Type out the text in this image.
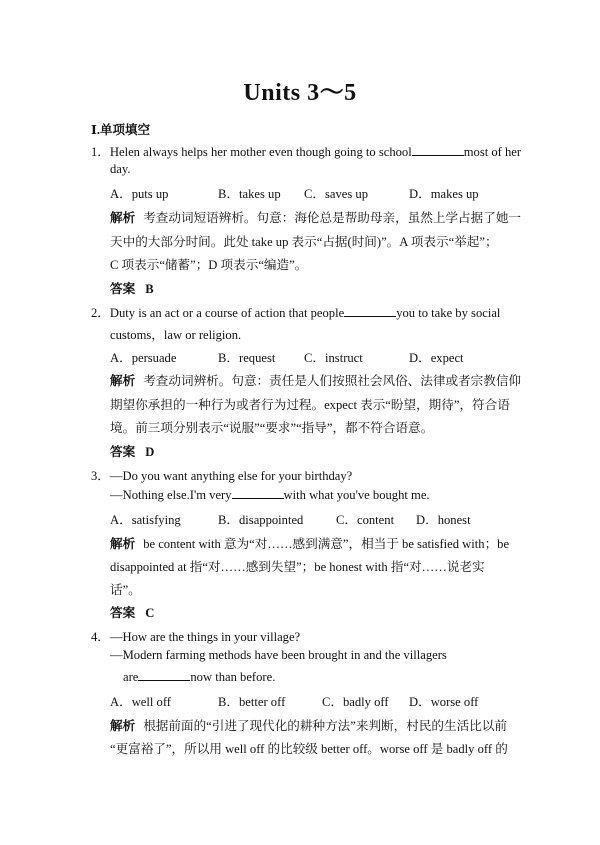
Units 3～5
Ⅰ.单项填空
1．Helen always helps her mother even though going to school	most of her
day.
A．puts up	B．takes up C．saves up	D．makes up
解析 考查动词短语辨析。句意：海伦总是帮助母亲，虽然上学占据了她一
天中的大部分时间。此处 take up 表示“占据(时间)”。A 项表示“举起”；
C 项表示“储蓄”；D 项表示“编造”。
答案 B
2．Duty is an act or a course of action that people	you to take by social
customs，law or religion.
A．persuade	B．request C．instruct	D．expect
解析 考查动词辨析。句意：责任是人们按照社会风俗、法律或者宗教信仰
期望你承担的一种行为或者行为过程。expect 表示“盼望，期待”，符合语
境。前三项分别表示“说服”“要求”“指导”，都不符合语意。
答案 D
3．—Do you want anything else for your birthday?
—Nothing else.I'm very	with what you've bought me.
A．satisfying	B．disappointed	C．content D．honest
解析 be content with 意为“对……感到满意”，相当于 be satisfied with；be
disappointed at 指“对……感到失望”；be honest with 指“对……说老实
话”。
答案 C
4．—How are the things in your village?
—Modern farming methods have been brought in and the villagers
are	now than before.
A．well off	B．better off	C．badly off D．worse off
解析 根据前面的“引进了现代化的耕种方法”来判断，村民的生活比以前
“更富裕了”，所以用 well off 的比较级 better off。worse off 是 badly off 的
